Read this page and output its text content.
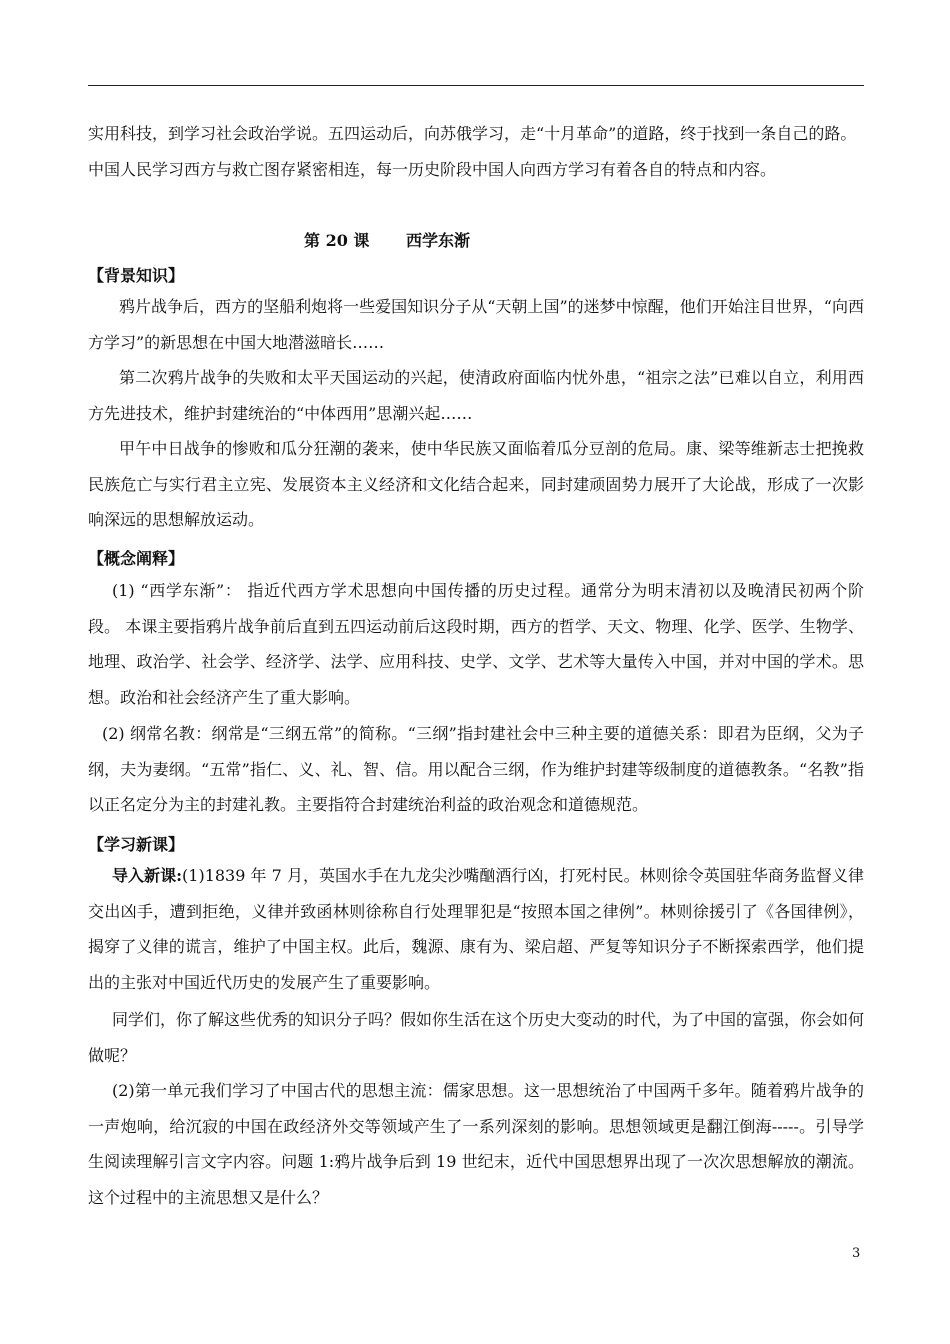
实用科技，到学习社会政治学说。五四运动后，向苏俄学习，走“十月革命”的道路，终于找到一条自己的路。

中国人民学习西方与救亡图存紧密相连，每一历史阶段中国人向西方学习有着各自的特点和内容。

第 20 课 西学东渐

【背景知识】

鸦片战争后，西方的坚船利炮将一些爱国知识分子从“天朝上国”的迷梦中惊醒，他们开始注目世界，“向西方学习”的新思想在中国大地潜滋暗长……

第二次鸦片战争的失败和太平天国运动的兴起，使清政府面临内忧外患，“祖宗之法”已难以自立，利用西方先进技术，维护封建统治的“中体西用”思潮兴起……

甲午中日战争的惨败和瓜分狂潮的袭来，使中华民族又面临着瓜分豆剖的危局。康、梁等维新志士把挽救民族危亡与实行君主立宪、发展资本主义经济和文化结合起来，同封建顽固势力展开了大论战，形成了一次影响深远的思想解放运动。

【概念阐释】

(1) “西学东渐”： 指近代西方学术思想向中国传播的历史过程。通常分为明末清初以及晚清民初两个阶段。 本课主要指鸦片战争前后直到五四运动前后这段时期，西方的哲学、天文、物理、化学、医学、生物学、地理、政治学、社会学、经济学、法学、应用科技、史学、文学、艺术等大量传入中国，并对中国的学术。思想。政治和社会经济产生了重大影响。

(2) 纲常名教：纲常是“三纲五常”的简称。“三纲”指封建社会中三种主要的道德关系：即君为臣纲，父为子纲，夫为妻纲。“五常”指仁、义、礼、智、信。用以配合三纲，作为维护封建等级制度的道德教条。“名教”指以正名定分为主的封建礼教。主要指符合封建统治利益的政治观念和道德规范。

【学习新课】

导入新课:(1)1839 年 7 月，英国水手在九龙尖沙嘴酗酒行凶，打死村民。林则徐令英国驻华商务监督义律交出凶手，遭到拒绝，义律并致函林则徐称自行处理罪犯是“按照本国之律例”。林则徐援引了《各国律例》，揭穿了义律的谎言，维护了中国主权。此后，魏源、康有为、梁启超、严复等知识分子不断探索西学，他们提出的主张对中国近代历史的发展产生了重要影响。

同学们，你了解这些优秀的知识分子吗？假如你生活在这个历史大变动的时代，为了中国的富强，你会如何做呢？

(2)第一单元我们学习了中国古代的思想主流：儒家思想。这一思想统治了中国两千多年。随着鸦片战争的一声炮响，给沉寂的中国在政经济外交等领域产生了一系列深刻的影响。思想领域更是翻江倒海-----。引导学生阅读理解引言文字内容。问题 1:鸦片战争后到 19 世纪末，近代中国思想界出现了一次次思想解放的潮流。这个过程中的主流思想又是什么？

3
